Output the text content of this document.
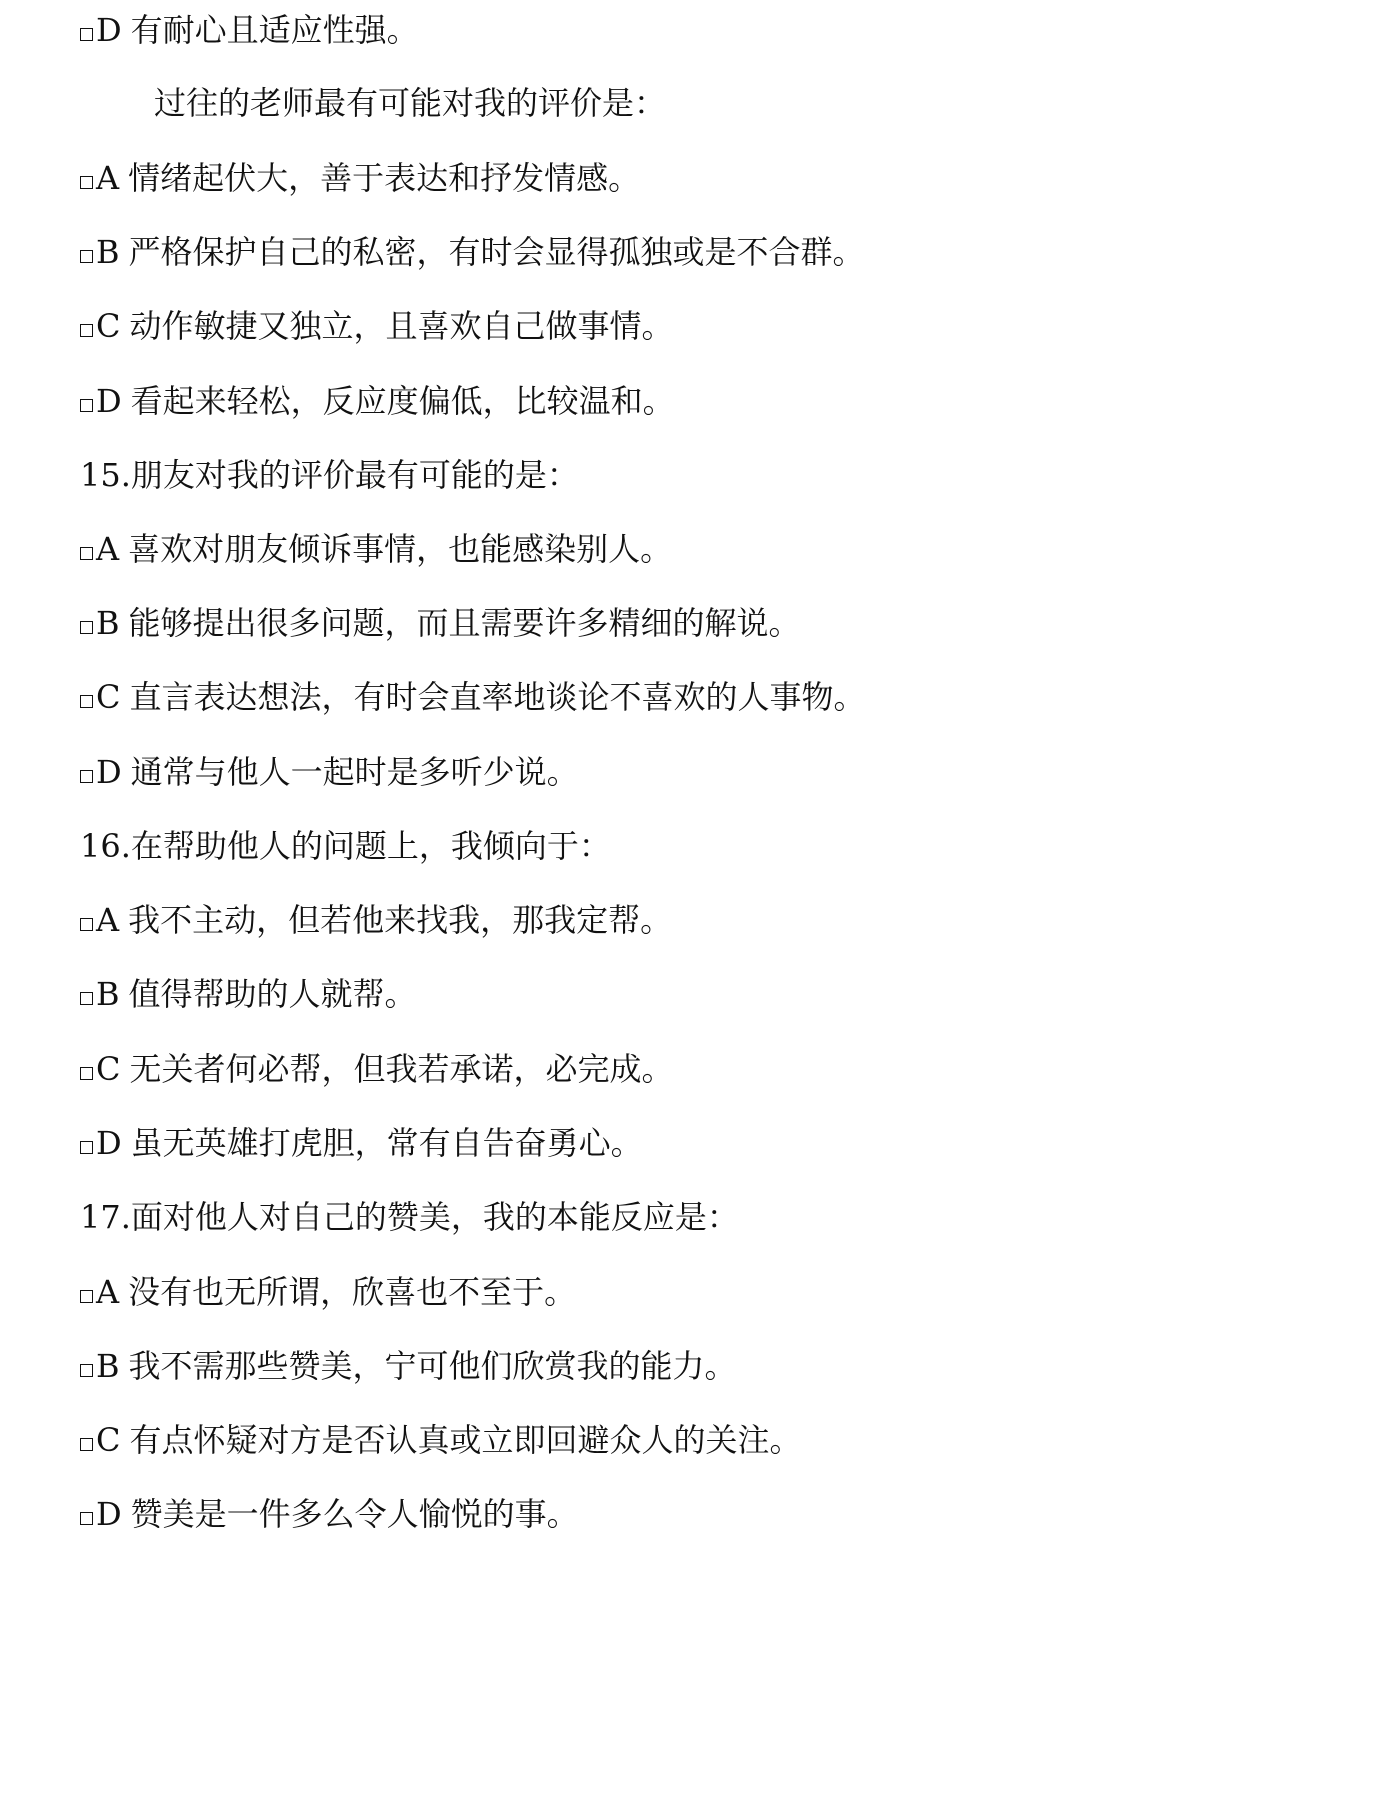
D 有耐心且适应性强。
过往的老师最有可能对我的评价是：
A 情绪起伏大，善于表达和抒发情感。
B 严格保护自己的私密，有时会显得孤独或是不合群。
C 动作敏捷又独立，且喜欢自己做事情。
D 看起来轻松，反应度偏低，比较温和。
15.朋友对我的评价最有可能的是：
A 喜欢对朋友倾诉事情，也能感染别人。
B 能够提出很多问题，而且需要许多精细的解说。
C 直言表达想法，有时会直率地谈论不喜欢的人事物。
D 通常与他人一起时是多听少说。
16.在帮助他人的问题上，我倾向于：
A 我不主动，但若他来找我，那我定帮。
B 值得帮助的人就帮。
C 无关者何必帮，但我若承诺，必完成。
D 虽无英雄打虎胆，常有自告奋勇心。
17.面对他人对自己的赞美，我的本能反应是：
A 没有也无所谓，欣喜也不至于。
B 我不需那些赞美，宁可他们欣赏我的能力。
C 有点怀疑对方是否认真或立即回避众人的关注。
D 赞美是一件多么令人愉悦的事。
